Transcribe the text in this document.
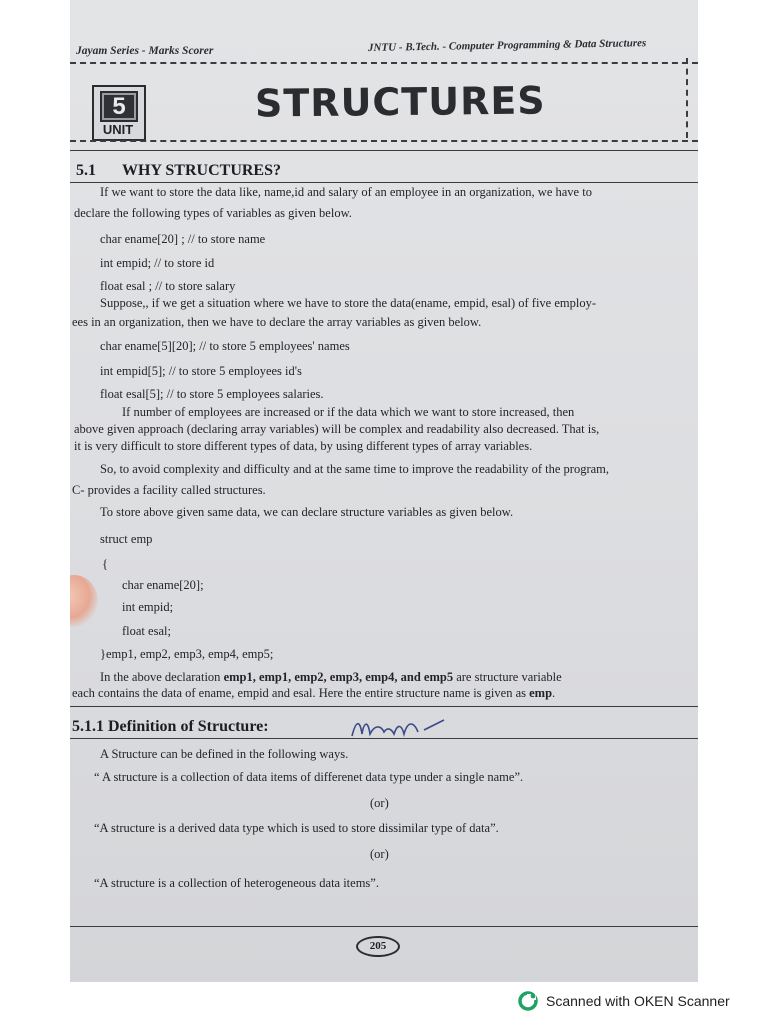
Jayam Series - Marks Scorer	JNTU - B.Tech. - Computer Programming & Data Structures
5
UNIT
STRUCTURES
5.1 WHY STRUCTURES?
If we want to store the data like, name,id and salary of an employee in an organization, we have to
declare the following types of variables as given below.
char ename[20] ; // to store name
int empid; // to store id
float esal ; // to store salary
Suppose,, if we get a situation where we have to store the data(ename, empid, esal) of five employ-
ees in an organization, then we have to declare the array variables as given below.
char ename[5][20]; // to store 5 employees' names
int empid[5]; // to store 5 employees id's
float esal[5]; // to store 5 employees salaries.
If number of employees are increased or if the data which we want to store increased, then
above given approach (declaring array variables) will be complex and readability also decreased. That is,
it is very difficult to store different types of data, by using different types of array variables.
So, to avoid complexity and difficulty and at the same time to improve the readability of the program,
C- provides a facility called structures.
To store above given same data, we can declare structure variables as given below.
struct emp
{
char ename[20];
int empid;
float esal;
}emp1, emp2, emp3, emp4, emp5;
In the above declaration emp1, emp1, emp2, emp3, emp4, and emp5 are structure variable
each contains the data of ename, empid and esal. Here the entire structure name is given as emp.
5.1.1 Definition of Structure:
A Structure can be defined in the following ways.
“ A structure is a collection of data items of differenet data type under a single name”.
(or)
“A structure is a derived data type which is used to store dissimilar type of data”.
(or)
“A structure is a collection of heterogeneous data items”.
205
Scanned with OKEN Scanner
